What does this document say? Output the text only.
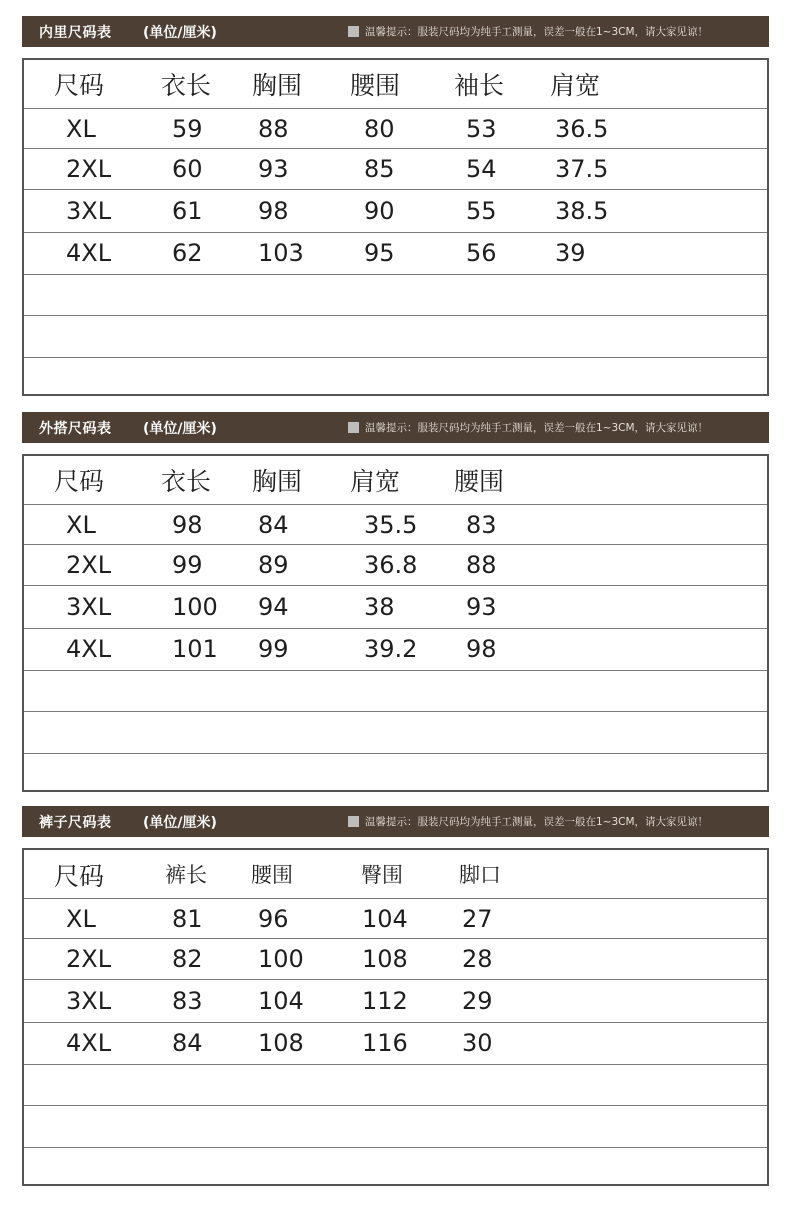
内里尺码表 (单位/厘米)	温馨提示：服装尺码均为纯手工测量，误差一般在1~3CM，请大家见谅！
尺码 衣长 胸围 腰围 袖长 肩宽
XL	59 88	80	53 36.5
2XL	60 93	85	54 37.5
3XL	61 98	90	55 38.5
4XL	62 103	95	56 39
外搭尺码表 (单位/厘米)	温馨提示：服装尺码均为纯手工测量，误差一般在1~3CM，请大家见谅！
尺码 衣长 胸围 肩宽 腰围
XL	98 84	35.5 83
2XL	99 89	36.8 88
3XL	100 94	38	93
4XL	101 99	39.2 98
裤子尺码表 (单位/厘米)	温馨提示：服装尺码均为纯手工测量，误差一般在1~3CM，请大家见谅！
尺码	裤长 腰围	臀围	脚口
XL	81 96	104 27
2XL	82 100 108 28
3XL	83 104 112 29
4XL	84 108 116 30
